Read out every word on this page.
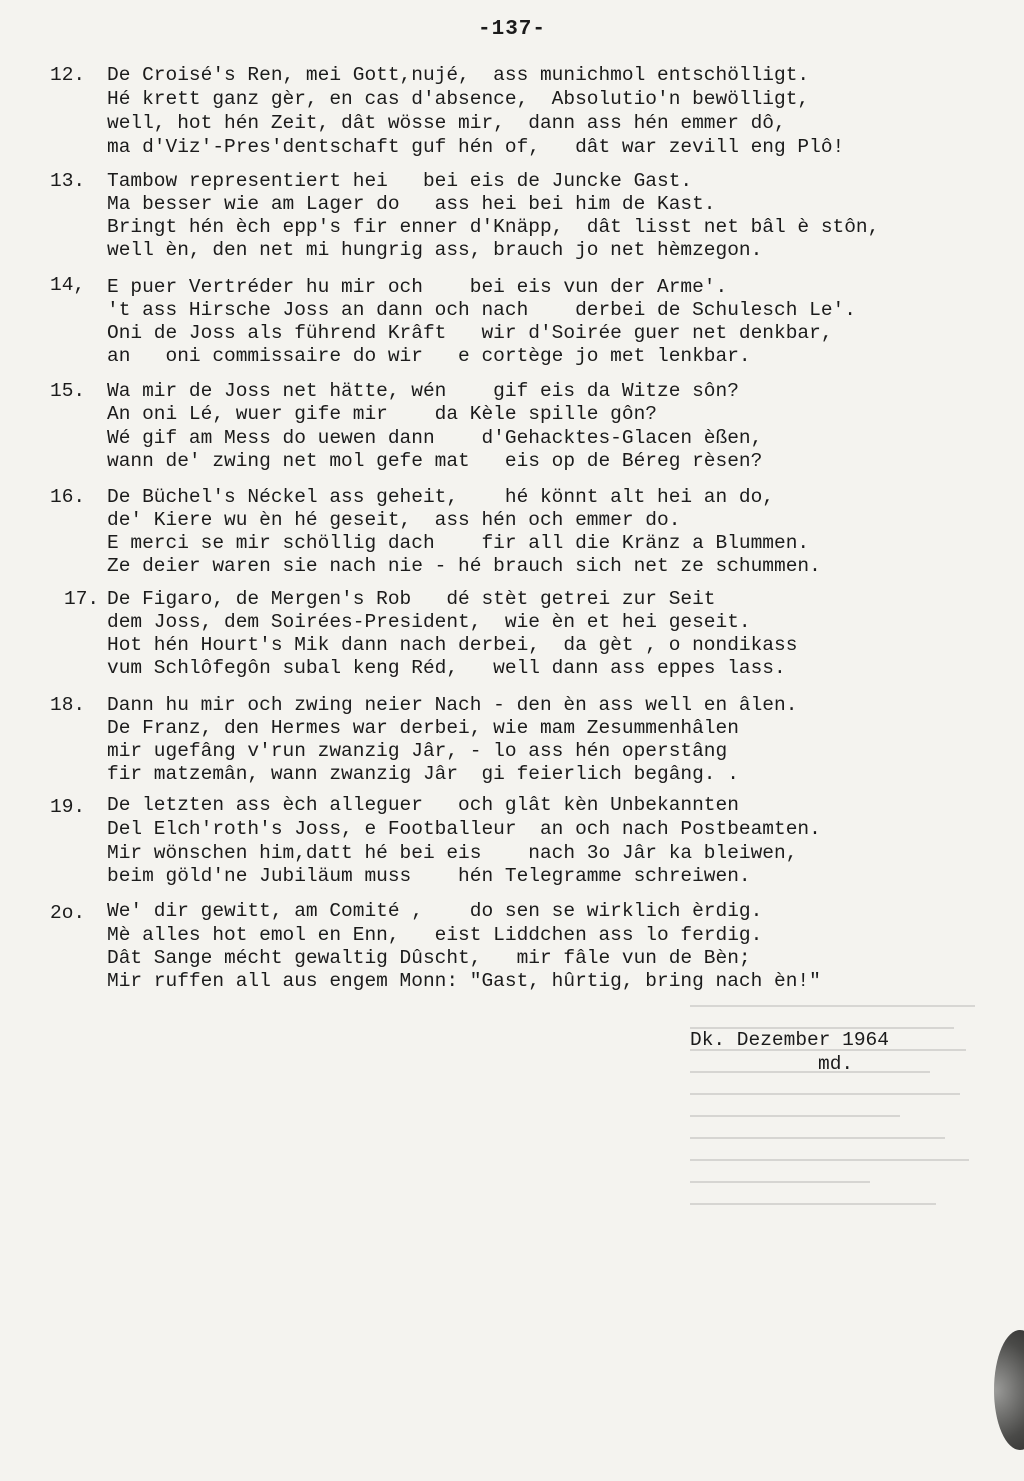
-137-
12. De Croisé's Ren, mei Gott,nujé,  ass munichmol entschölligt.
Hé krett ganz gèr, en cas d'absence,  Absolutio'n bewölligt,
well, hot hén Zeit, dât wösse mir,  dann ass hén emmer dô,
ma d'Viz'-Pres'dentschaft guf hén of,   dât war zevill eng Plô!
13. Tambow representiert hei   bei eis de Juncke Gast.
Ma besser wie am Lager do   ass hei bei him de Kast.
Bringt hén èch epp's fir enner d'Knäpp,  dât lisst net bâl è stôn,
well èn, den net mi hungrig ass, brauch jo net hèmzegon.
14, E puer Vertréder hu mir och    bei eis vun der Arme'.
't ass Hirsche Joss an dann och nach    derbei de Schulesch Le'.
Oni de Joss als führend Krâft   wir d'Soirée guer net denkbar,
an   oni commissaire do wir   e cortège jo met lenkbar.
15. Wa mir de Joss net hätte, wén    gif eis da Witze sôn?
An oni Lé, wuer gife mir    da Kèle spille gôn?
Wé gif am Mess do uewen dann    d'Gehacktes-Glacen èßen,
wann de' zwing net mol gefe mat   eis op de Béreg rèsen?
16. De Büchel's Néckel ass geheit,    hé könnt alt hei an do,
de' Kiere wu èn hé geseit,  ass hén och emmer do.
E merci se mir schöllig dach    fir all die Kränz a Blummen.
Ze deier waren sie nach nie - hé brauch sich net ze schummen.
17. De Figaro, de Mergen's Rob   dé stèt getrei zur Seit
dem Joss, dem Soirées-President,  wie èn et hei geseit.
Hot hén Hourt's Mik dann nach derbei,  da gèt , o nondikass
vum Schlôfegôn subal keng Réd,   well dann ass eppes lass.
18. Dann hu mir och zwing neier Nach - den èn ass well en âlen.
De Franz, den Hermes war derbei, wie mam Zesummenhâlen
mir ugefâng v'run zwanzig Jâr, - lo ass hén operstâng
fir matzemân, wann zwanzig Jâr  gi feierlich begâng. .
19. De letzten ass èch alleguer   och glât kèn Unbekannten
Del Elch'roth's Joss, e Footballeur  an och nach Postbeamten.
Mir wönschen him,datt hé bei eis    nach 3o Jâr ka bleiwen,
beim göld'ne Jubiläum muss    hén Telegramme schreiwen.
2o. We' dir gewitt, am Comité ,    do sen se wirklich èrdig.
Mè alles hot emol en Enn,   eist Liddchen ass lo ferdig.
Dât Sange mécht gewaltig Dûscht,   mir fâle vun de Bèn;
Mir ruffen all aus engem Monn: "Gast, hûrtig, bring nach èn!"
Dk. Dezember 1964
md.
